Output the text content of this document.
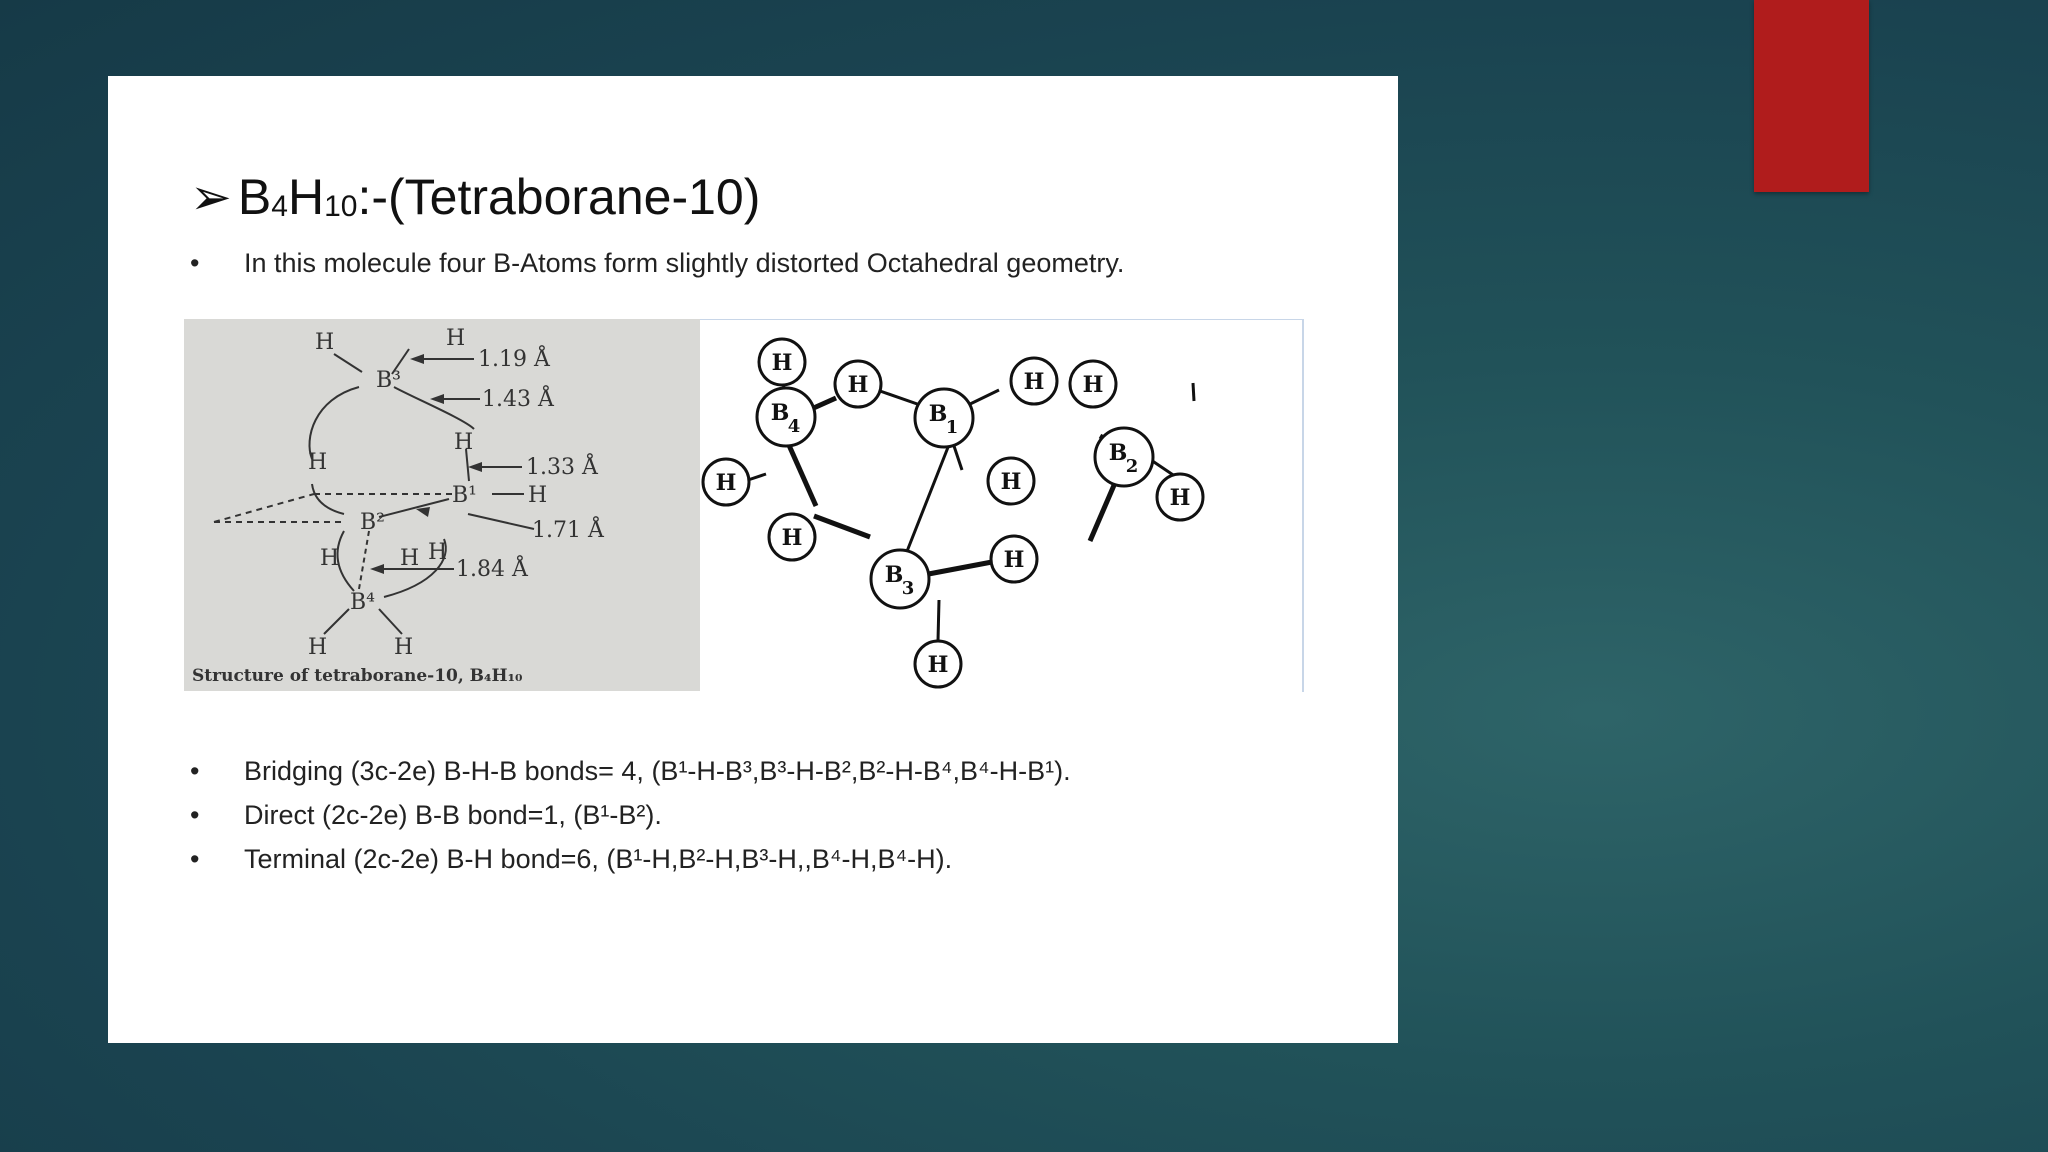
➢ $B_4H_{10}:-(Tetraborane-10)$
• In this molecule four B-Atoms form slightly distorted Octahedral geometry.
H	H
B³
H
H
B¹ H
B²
H	H H
B⁴
H	H
1.19 Å
1.43 Å
1.33 Å
1.71 Å
1.84 Å
Structure of tetraborane-10, B₄H₁₀
H
H
H	H H
H
H
H
H
H
B
4	B
1
B
2
B
3
• Bridging (3c-2e) B-H-B bonds= 4, (B¹-H-B³,B³-H-B²,B²-H-B⁴,B⁴-H-B¹).
• Direct (2c-2e) B-B bond=1, (B¹-B²).
• Terminal (2c-2e) B-H bond=6, (B¹-H,B²-H,B³-H,,B⁴-H,B⁴-H).
